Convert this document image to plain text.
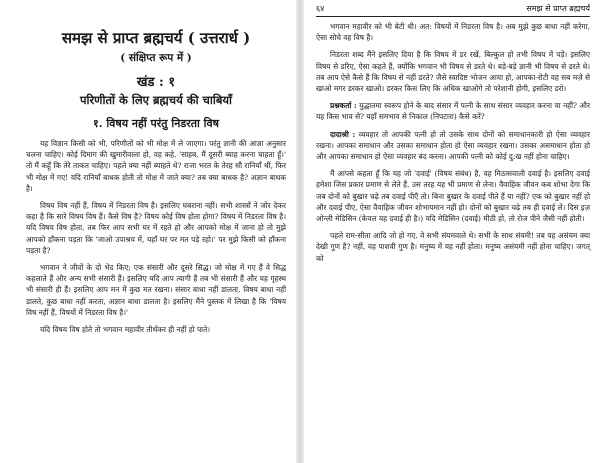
समझ से प्राप्त ब्रह्मचर्य ( उत्तरार्ध )
( संक्षिप्त रूप में )
खंड : १
परिणीतों के लिए ब्रह्मचर्य की चाबियाँ
१. विषय नहीं परंतु निडरता विष

यह विज्ञान किसी को भी, परिणीतों को भी मोक्ष में ले जाएगा। परंतु ज्ञानी की आज्ञा अनुसार चलना चाहिए। कोई दिमाग की खुमारीवाला हो, वह कहे, 'साहब, मैं दूसरी ब्याह करना चाहता हूँ।' तो मैं कहूँ कि तेरे ताकत चाहिए। पहले क्या नहीं ब्याहते थे? राजा भरत के तेरह सौ रानियाँ थीं, फिर भी मोक्ष में गए! यदि रानियाँ बाधक होती तो मोक्ष में जाते क्या? तब क्या बाधक है? अज्ञान बाधक है।

विषय विष नहीं हैं, विषय में निडरता विष है। इसलिए घबराना नहीं। सभी शास्त्रों ने जोर देकर कहा है कि सारे विषय विष हैं। कैसे विष है? विषय कोई विष होता होगा? विषय में निडरता विष है। यदि विषय विष होता, तब फिर आप सभी घर में रहते हो और आपको मोक्ष में जाना हो तो मुझे आपको हाँकना पड़ता कि 'जाओ उपाश्रय में, यहाँ घर पर मत पड़े रहो।' पर मुझे किसी को हाँकना पड़ता है?

भगवान ने जीवों के दो भेद किए; एक संसारी और दूसरे सिद्ध। जो मोक्ष में गए हैं वे सिद्ध कहलाते हैं और अन्य सभी संसारी हैं। इसलिए यदि आप त्यागी हैं तब भी संसारी हैं और यह गृहस्थ भी संसारी ही हैं। इसलिए आप मन में कुछ मत रखना। संसार बाधा नहीं डालता, विषय बाधा नहीं डालते, कुछ बाधा नहीं करता, अज्ञान बाधा डालता है। इसलिए मैंने पुस्तक में लिखा है कि 'विषय विष नहीं हैं, विषयों में निडरता विष है।'

यदि विषय विष होते तो भगवान महावीर तीर्थंकर ही नहीं हो पाते।

६४	समझ से प्राप्त ब्रह्मचर्य

भगवान महावीर को भी बेटी थी। अत: विषयों में निडरता विष है। अब मुझे कुछ बाधा नहीं करेगा, ऐसा सोचे वह विष है।

निडरता शब्द मैंने इसलिए दिया है कि विषय में डर रखें, बिल्कुल हो तभी विषय में पड़ें। इसलिए विषय से डरिए, ऐसा कहते हैं, क्योंकि भगवान भी विषय से डरते थे। बड़े-बड़े ज्ञानी भी विषय से डरते थे। तब आप ऐसे कैसे हैं कि विषय से नहीं डरते? जैसे स्वादिष्ट भोजन आया हो, आपका-रोटी वह सब मज़े से खाओ मगर डरकर खाओ। डरकर किस लिए कि अधिक खाओगे तो परेशानी होगी, इसलिए डरो।

प्रश्नकर्ता : युद्धातमा स्वरूप होने के बाद संसार में पत्नी के साथ संसार व्यवहार करना या नहीं? और यह किस भाव से? यहाँ समभाव से निकाल (निपटारा) कैसे करें?

दादाश्री : व्यवहार तो आपकी पत्नी हो तो उसके साथ दोनों को समाधानकारी हो ऐसा व्यवहार रखना। आपका समाधान और उसका समाधान होता हो ऐसा व्यवहार रखना। उसका असमाधान होता हो और आपका समाधान हो ऐसा व्यवहार बंद करना। आपकी पत्नी को कोई दु:ख नहीं होना चाहिए।

मैं आपसे कहता हूँ कि यह जो 'दवाई' (विषय संबंध) है, वह मिठासवाली दवाई है। इसलिए दवाई हमेशा जिस प्रकार प्रमाण से लेते हैं, उस तरह यह भी प्रमाण से लेना। वैवाहिक जीवन कब शोभा देगा कि जब दोनों को बुखार चढ़े तब दवाई पीएँ तो। बिना बुखार के दवाई पीते हैं या नहीं? एक को बुखार नहीं हो और दवाई पीए, ऐसा वैवाहिक जीवन शोभायमान नहीं हो। दोनों को बुखार चढ़े तब ही दवाई लें। दिस इज़ ओन्ली मेडिसिन (केवल यह दवाई ही है।) यदि मेडिसिन (दवाई) मीठी हो, तो रोज पीने जैसी नहीं होती।

पहले राम-सीता आदि जो हो गए, वे सभी संयमवाले थे। सभी के साथ संयमी! तब यह असंयम क्या देखी गुण है? नहीं, वह पाशवी गुण है। मनुष्य में यह नहीं होता। मनुष्य असंयमी नहीं होना चाहिए। जगत् को
